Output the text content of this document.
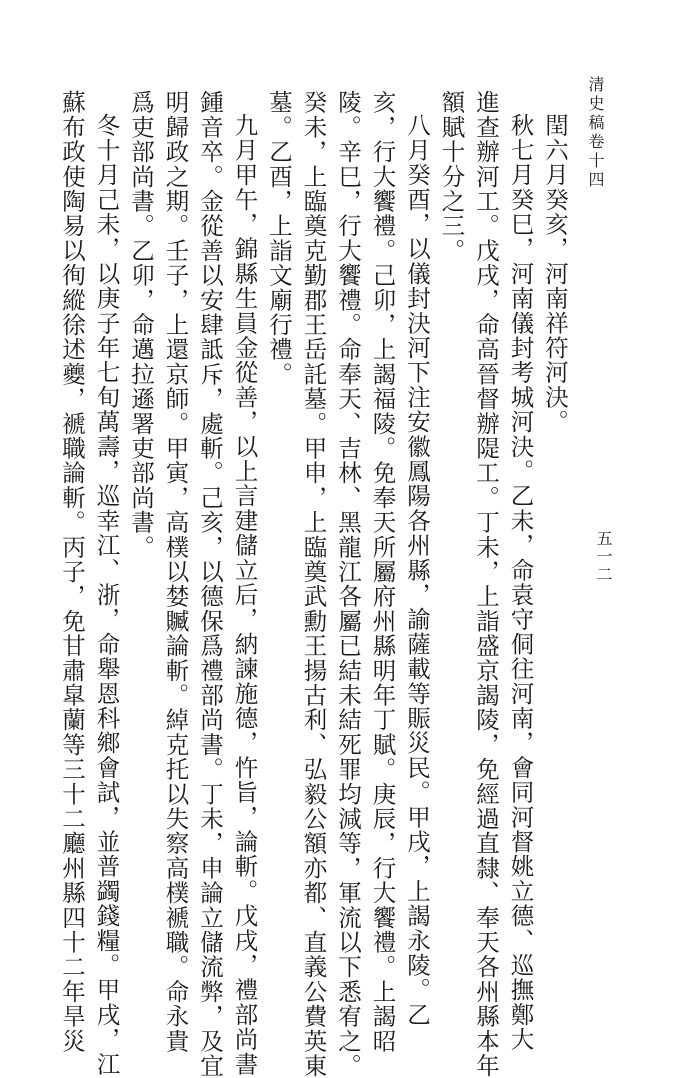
清史稿卷十四
五一二
閏六月癸亥，河南祥符河決。
秋七月癸巳，河南儀封考城河決。乙未，命袁守侗往河南，會同河督姚立德、巡撫鄭大
進查辦河工。戊戌，命高晉督辦隄工。丁未，上詣盛京謁陵，免經過直隸、奉天各州縣本年
額賦十分之三。
八月癸酉，以儀封決河下注安徽鳳陽各州縣，諭薩載等賑災民。甲戌，上謁永陵。乙
亥，行大饗禮。己卯，上謁福陵。免奉天所屬府州縣明年丁賦。庚辰，行大饗禮。上謁昭
陵。辛巳，行大饗禮。命奉天、吉林、黑龍江各屬已結未結死罪均減等，軍流以下悉宥之。
癸未，上臨奠克勤郡王岳託墓。甲申，上臨奠武勳王揚古利、弘毅公額亦都、直義公費英東
墓。乙酉，上詣文廟行禮。
九月甲午，錦縣生員金從善，以上言建儲立后，納諫施德，忤旨，論斬。戊戌，禮部尚書
鍾音卒。金從善以安肆詆斥，處斬。己亥，以德保爲禮部尚書。丁未，申論立儲流弊，及宜
明歸政之期。壬子，上還京師。甲寅，高樸以婪贓論斬。綽克托以失察高樸褫職。命永貴
爲吏部尚書。乙卯，命邁拉遜署吏部尚書。
冬十月己未，以庚子年七旬萬壽，巡幸江、浙，命舉恩科鄉會試，並普蠲錢糧。甲戌，江
蘇布政使陶易以徇縱徐述夔，褫職論斬。丙子，免甘肅皐蘭等三十二廳州縣四十二年旱災
